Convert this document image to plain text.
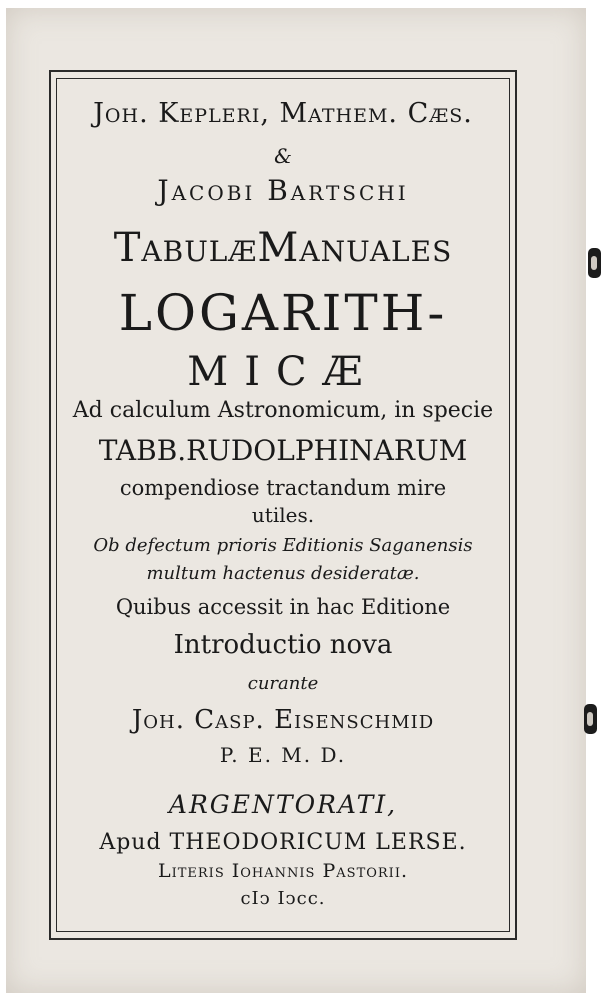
Joh. Kepleri, Mathem. Cæs.
&
Jacobi Bartschi
TabulæManuales
LOGARITH-
MICÆ
Ad calculum Astronomicum, in specie
TABB.RUDOLPHINARUM
compendiose tractandum mire
utiles.
Ob defectum prioris Editionis Saganensis
multum hactenus desideratæ.
Quibus accessit in hac Editione
Introductio nova
curante
Joh. Casp. Eisenschmid
P. E. M. D.
ARGENTORATI,
Apud THEODORICUM LERSE.
Literis Iohannis Pastorii.
cIↄ Iↄcc.
